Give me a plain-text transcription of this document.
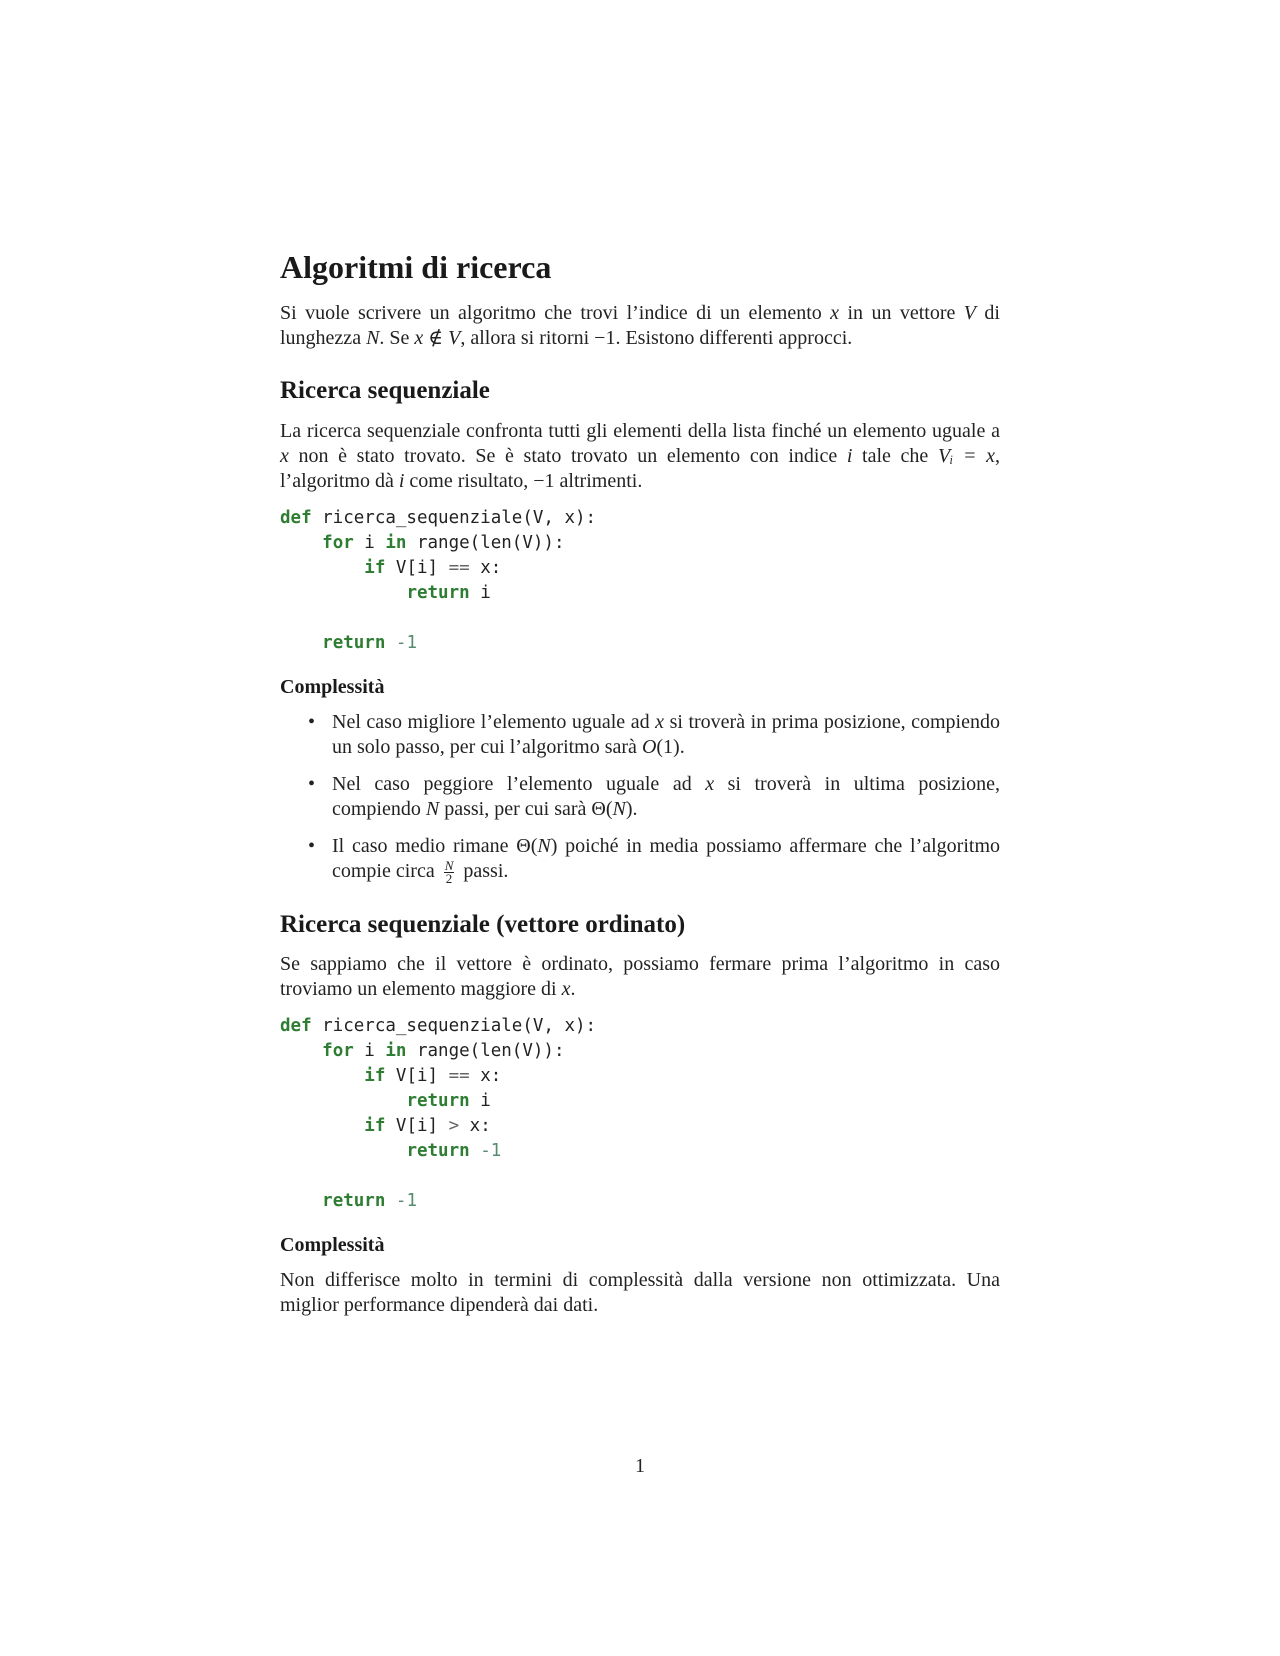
Algoritmi di ricerca

Si vuole scrivere un algoritmo che trovi l’indice di un elemento x in un vettore V di lunghezza N. Se x ∉ V, allora si ritorni −1. Esistono differenti approcci.

Ricerca sequenziale

La ricerca sequenziale confronta tutti gli elementi della lista finché un elemento uguale a x non è stato trovato. Se è stato trovato un elemento con indice i tale che Vᵢ = x, l’algoritmo dà i come risultato, −1 altrimenti.

def ricerca_sequenziale(V, x):
for i in range(len(V)):
if V[i] == x:
return i

return -1
Complessità
• Nel caso migliore l’elemento uguale ad x si troverà in prima posizione, compiendo un solo passo, per cui l’algoritmo sarà O(1).
• Nel caso peggiore l’elemento uguale ad x si troverà in ultima posizione, compiendo N passi, per cui sarà Θ(N).
• Il caso medio rimane Θ(N) poiché in media possiamo affermare che l’algoritmo compie circa $\frac{N}{2}$ passi.
Ricerca sequenziale (vettore ordinato)

Se sappiamo che il vettore è ordinato, possiamo fermare prima l’algoritmo in caso troviamo un elemento maggiore di x.

def ricerca_sequenziale(V, x):
for i in range(len(V)):
if V[i] == x:
return i
if V[i] > x:
return -1

return -1
Complessità

Non differisce molto in termini di complessità dalla versione non ottimizzata. Una miglior performance dipenderà dai dati.

1
